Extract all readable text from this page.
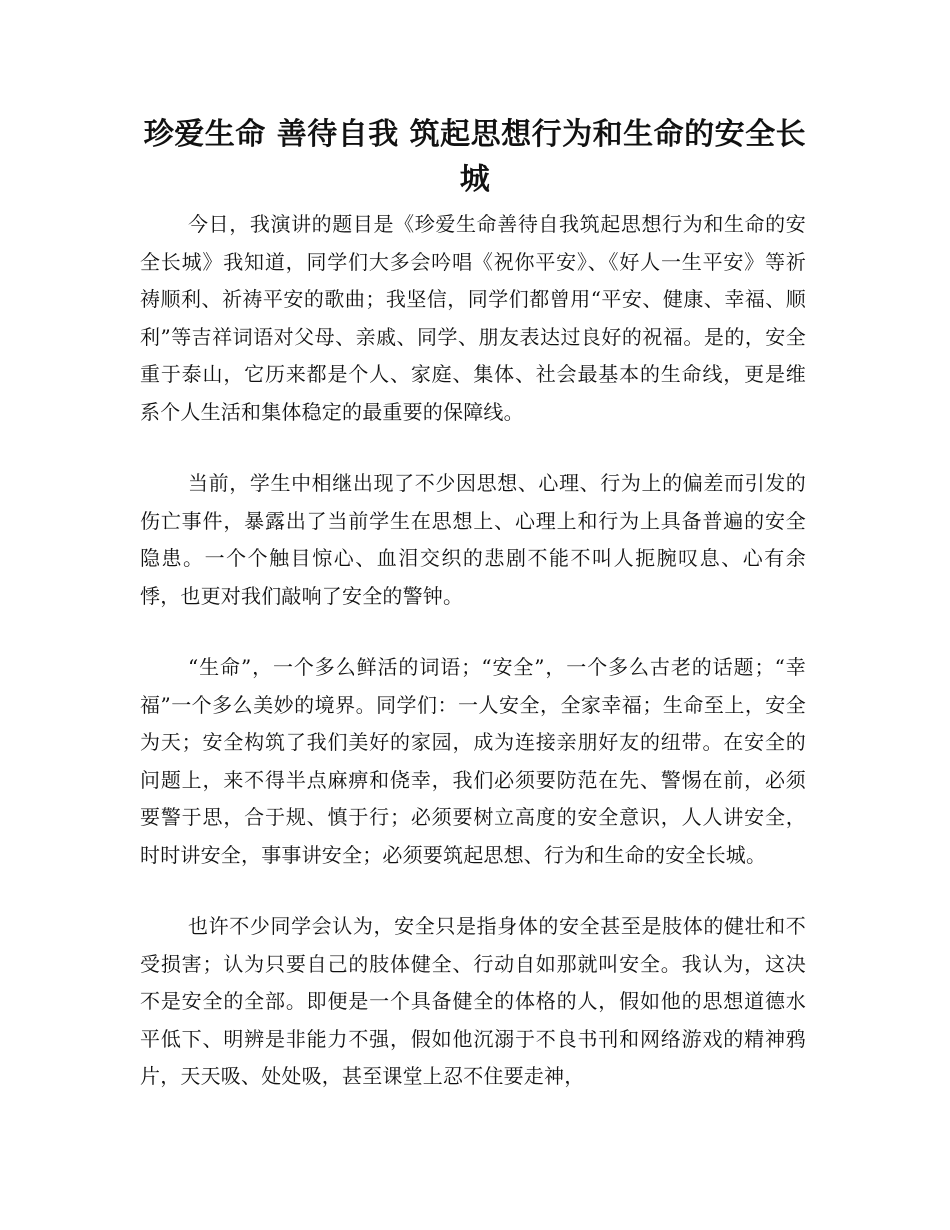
珍爱生命 善待自我 筑起思想行为和生命的安全长城

今日，我演讲的题目是《珍爱生命善待自我筑起思想行为和生命的安全长城》我知道，同学们大多会吟唱《祝你平安》、《好人一生平安》等祈祷顺利、祈祷平安的歌曲；我坚信，同学们都曾用“平安、健康、幸福、顺利”等吉祥词语对父母、亲戚、同学、朋友表达过良好的祝福。是的，安全重于泰山，它历来都是个人、家庭、集体、社会最基本的生命线，更是维系个人生活和集体稳定的最重要的保障线。

当前，学生中相继出现了不少因思想、心理、行为上的偏差而引发的伤亡事件，暴露出了当前学生在思想上、心理上和行为上具备普遍的安全隐患。一个个触目惊心、血泪交织的悲剧不能不叫人扼腕叹息、心有余悸，也更对我们敲响了安全的警钟。

“生命”，一个多么鲜活的词语；“安全”，一个多么古老的话题；“幸福”一个多么美妙的境界。同学们：一人安全，全家幸福；生命至上，安全为天；安全构筑了我们美好的家园，成为连接亲朋好友的纽带。在安全的问题上，来不得半点麻痹和侥幸，我们必须要防范在先、警惕在前，必须要警于思，合于规、慎于行；必须要树立高度的安全意识，人人讲安全，时时讲安全，事事讲安全；必须要筑起思想、行为和生命的安全长城。

也许不少同学会认为，安全只是指身体的安全甚至是肢体的健壮和不受损害；认为只要自己的肢体健全、行动自如那就叫安全。我认为，这决不是安全的全部。即便是一个具备健全的体格的人，假如他的思想道德水平低下、明辨是非能力不强，假如他沉溺于不良书刊和网络游戏的精神鸦片，天天吸、处处吸，甚至课堂上忍不住要走神，
